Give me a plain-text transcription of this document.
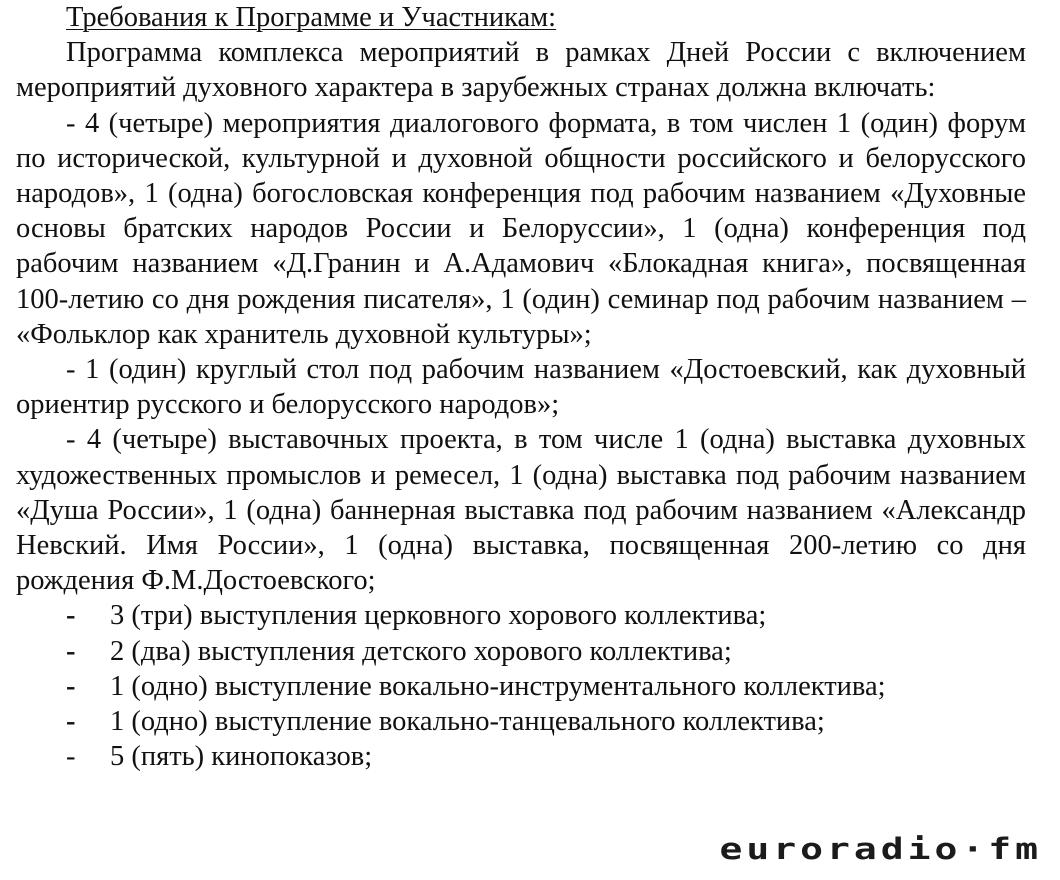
Требования к Программе и Участникам:
Программа комплекса мероприятий в рамках Дней России с включением мероприятий духовного характера в зарубежных странах должна включать:
- 4 (четыре) мероприятия диалогового формата, в том числен 1 (один) форум по исторической, культурной и духовной общности российского и белорусского народов», 1 (одна) богословская конференция под рабочим названием «Духовные основы братских народов России и Белоруссии», 1 (одна) конференция под рабочим названием «Д.Гранин и А.Адамович «Блокадная книга», посвященная 100-летию со дня рождения писателя», 1 (один) семинар под рабочим названием – «Фольклор как хранитель духовной культуры»;
- 1 (один) круглый стол под рабочим названием «Достоевский, как духовный ориентир русского и белорусского народов»;
- 4 (четыре) выставочных проекта, в том числе 1 (одна) выставка духовных художественных промыслов и ремесел, 1 (одна) выставка под рабочим названием «Душа России», 1 (одна) баннерная выставка под рабочим названием «Александр Невский. Имя России», 1 (одна) выставка, посвященная 200-летию со дня рождения Ф.М.Достоевского;
-	3 (три) выступления церковного хорового коллектива;
-	2 (два) выступления детского хорового коллектива;
-	1 (одно) выступление вокально-инструментального коллектива;
-	1 (одно) выступление вокально-танцевального коллектива;
-	5 (пять) кинопоказов;
euroradio·fm
